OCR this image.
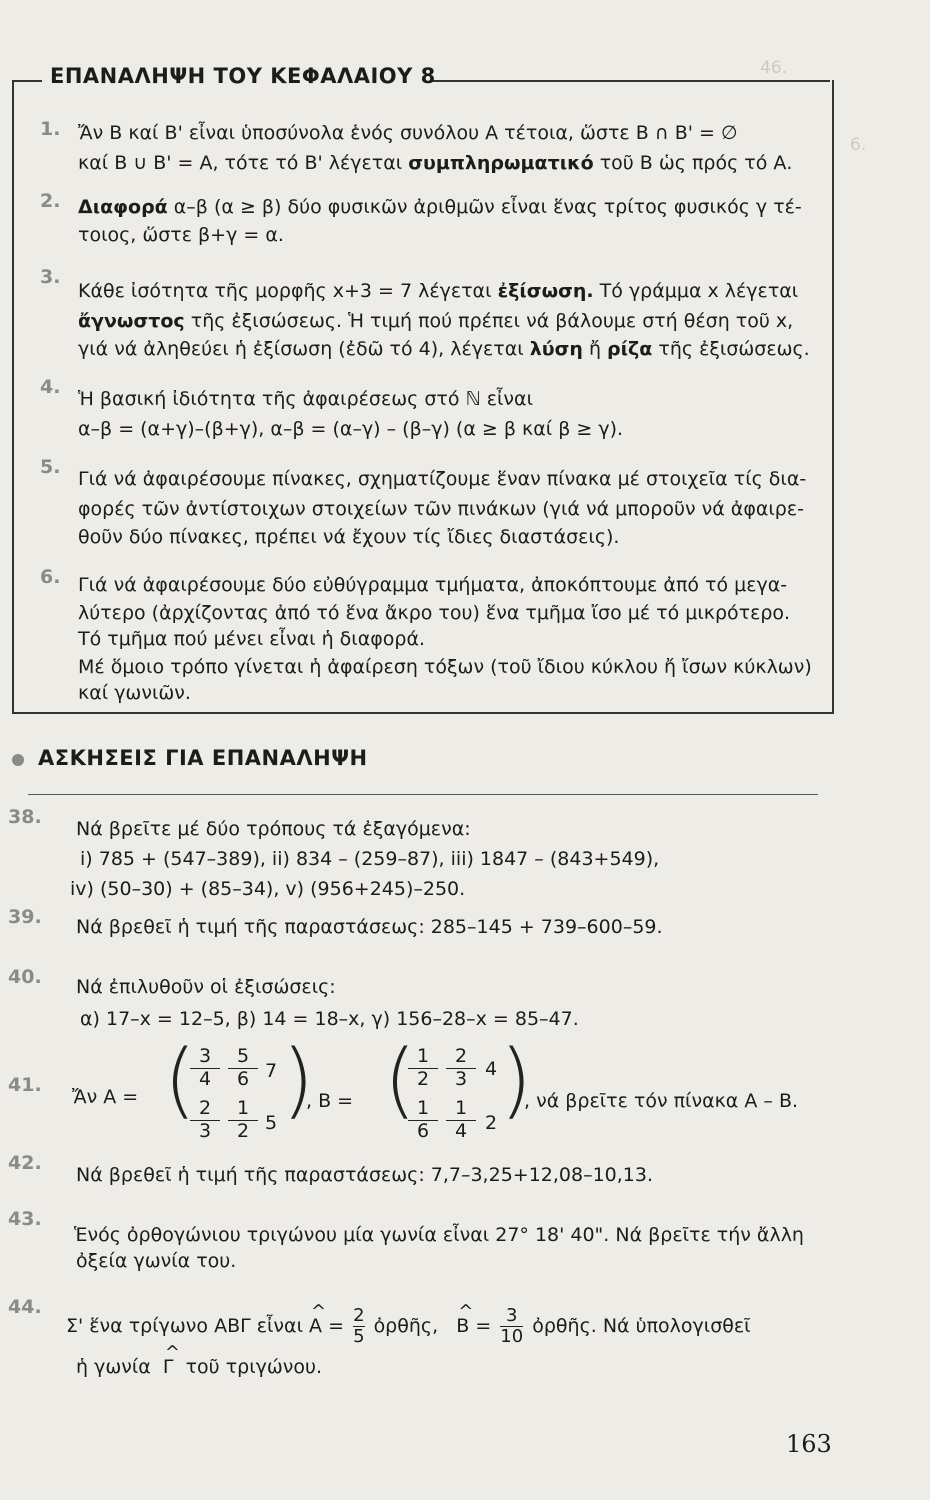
46.
6.
ΕΠΑΝΑΛΗΨΗ ΤΟΥ ΚΕΦΑΛΑΙΟΥ 8
1. Ἄν Β καί Β' εἶναι ὑποσύνολα ἑνός συνόλου Α τέτοια, ὥστε Β ∩ Β' = ∅
καί Β ∪ Β' = Α, τότε τό Β' λέγεται συμπληρωματικό τοῦ Β ὡς πρός τό Α.
2. Διαφορά α–β (α ≥ β) δύο φυσικῶν ἀριθμῶν εἶναι ἕνας τρίτος φυσικός γ τέ-
τοιος, ὥστε β+γ = α.
3.
Κάθε ἰσότητα τῆς μορφῆς x+3 = 7 λέγεται ἐξίσωση. Τό γράμμα x λέγεται
ἄγνωστος τῆς ἐξισώσεως. Ἡ τιμή πού πρέπει νά βάλουμε στή θέση τοῦ x,
γιά νά ἀληθεύει ἡ ἐξίσωση (ἐδῶ τό 4), λέγεται λύση ἤ ρίζα τῆς ἐξισώσεως.
4.
Ἡ βασική ἰδιότητα τῆς ἀφαιρέσεως στό ℕ εἶναι
α–β = (α+γ)–(β+γ), α–β = (α–γ) – (β–γ) (α ≥ β καί β ≥ γ).
5.
Γιά νά ἀφαιρέσουμε πίνακες, σχηματίζουμε ἕναν πίνακα μέ στοιχεῖα τίς δια-
φορές τῶν ἀντίστοιχων στοιχείων τῶν πινάκων (γιά νά μποροῦν νά ἀφαιρε-
θοῦν δύο πίνακες, πρέπει νά ἔχουν τίς ἴδιες διαστάσεις).
6. Γιά νά ἀφαιρέσουμε δύο εὐθύγραμμα τμήματα, ἀποκόπτουμε ἀπό τό μεγα-
λύτερο (ἀρχίζοντας ἀπό τό ἕνα ἄκρο του) ἕνα τμῆμα ἴσο μέ τό μικρότερο.
Τό τμῆμα πού μένει εἶναι ἡ διαφορά.
Μέ ὅμοιο τρόπο γίνεται ἡ ἀφαίρεση τόξων (τοῦ ἴδιου κύκλου ἤ ἴσων κύκλων)
καί γωνιῶν.
ΑΣΚΗΣΕΙΣ ΓΙΑ ΕΠΑΝΑΛΗΨΗ
38.
Νά βρεῖτε μέ δύο τρόπους τά ἐξαγόμενα:
i) 785 + (547–389), ii) 834 – (259–87), iii) 1847 – (843+549),
iv) (50–30) + (85–34), v) (956+245)–250.
39. Νά βρεθεῖ ἡ τιμή τῆς παραστάσεως: 285–145 + 739–600–59.
40. Νά ἐπιλυθοῦν οἱ ἐξισώσεις:
α) 17–x = 12–5, β) 14 = 18–x, γ) 156–28–x = 85–47.
41.
Ἄν Α = (
$\frac{3}{4} \frac{5}{6} 7$
$\frac{2}{3} \frac{1}{2} 5$ )
, Β = (
$\frac{1}{2} \frac{2}{3} 4$
$\frac{1}{6} \frac{1}{4} 2$ )
, νά βρεῖτε τόν πίνακα Α – Β.
42.
Νά βρεθεῖ ἡ τιμή τῆς παραστάσεως: 7,7–3,25+12,08–10,13.
43.
Ἑνός ὀρθογώνιου τριγώνου μία γωνία εἶναι 27° 18' 40". Νά βρεῖτε τήν ἄλλη
ὀξεία γωνία του.
44.
Σ' ἕνα τρίγωνο ΑΒΓ εἶναι ^ $A = \frac{2}{5}$ ὀρθῆς, ^ $B = \frac{3}{10}$ ὀρθῆς. Νά ὑπολογισθεῖ
ἡ γωνία ^ Γ τοῦ τριγώνου.
163
